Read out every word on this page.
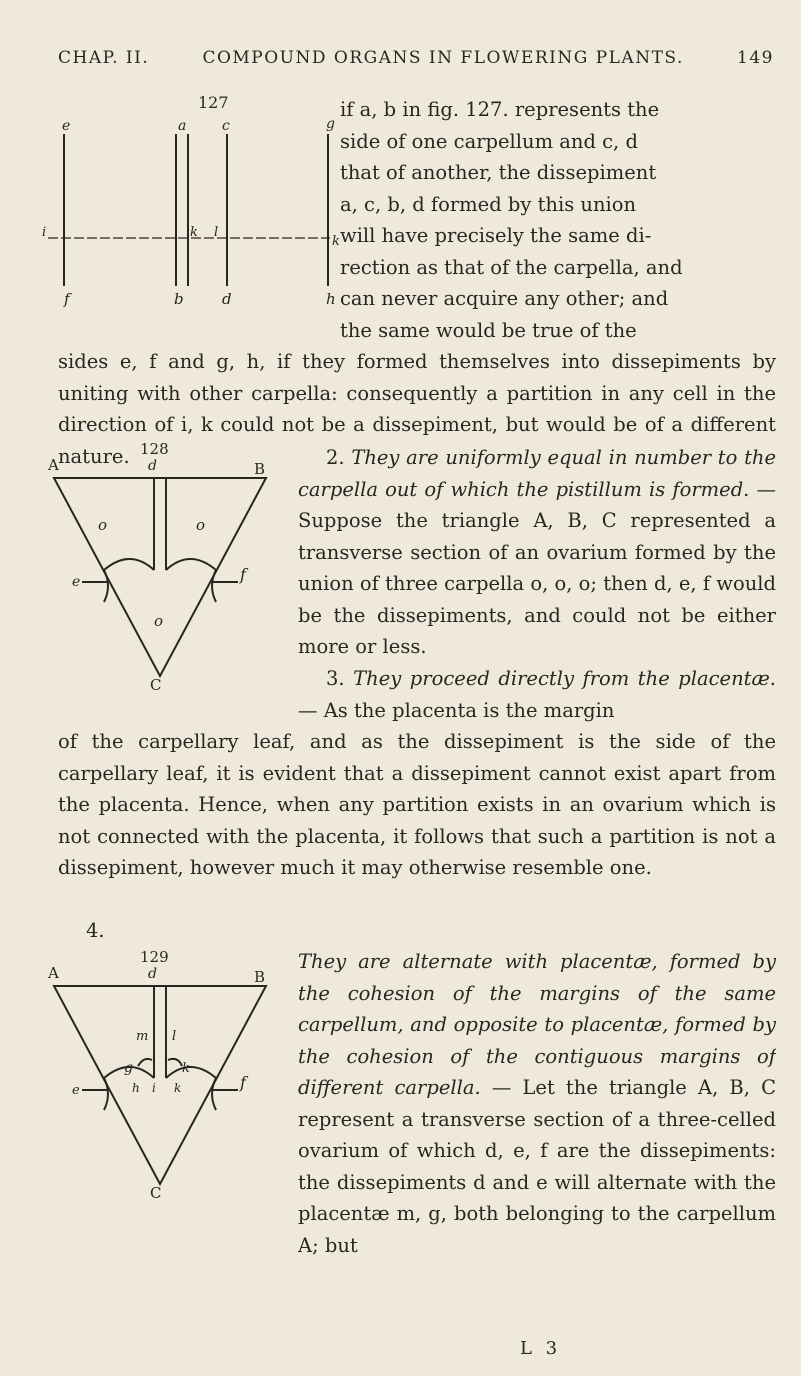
CHAP. II.	COMPOUND ORGANS IN FLOWERING PLANTS.	149
127
e	a	c	g
i	k l
k
f	b	d	h
if a, b in fig. 127. represents the
side of one carpellum and c, d
that of another, the dissepiment
a, c, b, d formed by this union
will have precisely the same di-
rection as that of the carpella, and
can never acquire any other; and
the same would be true of the

sides e, f and g, h, if they formed themselves into dissepiments by uniting with other carpella: consequently a partition in any cell in the direction of i, k could not be a dissepiment, but would be of a different nature. 128
A	d	B
o	o
o
e	f
C
2. They are uniformly equal in number to the carpella out of which the pistillum is formed. — Suppose the triangle A, B, C represented a transverse section of an ovarium formed by the union of three carpella o, o, o; then d, e, f would be the dissepiments, and could not be either more or less.
3. They proceed directly from the placentæ. — As the placenta is the margin

of the carpellary leaf, and as the dissepiment is the side of the carpellary leaf, it is evident that a dissepiment cannot exist apart from the placenta. Hence, when any partition exists in an ovarium which is not connected with the placenta, it follows that such a partition is not a dissepiment, however much it may otherwise resemble one.

4.
129
A	d	B
m l
g	k
e	h i k	f
C
They are alternate with placentæ, formed by the cohesion of the margins of the same carpellum, and opposite to placentæ, formed by the cohesion of the contiguous margins of different carpella. — Let the triangle A, B, C represent a transverse section of a three-celled ovarium of which d, e, f are the dissepiments: the dissepiments d and e will alternate with the placentæ m, g, both belonging to the carpellum A; but
L 3
